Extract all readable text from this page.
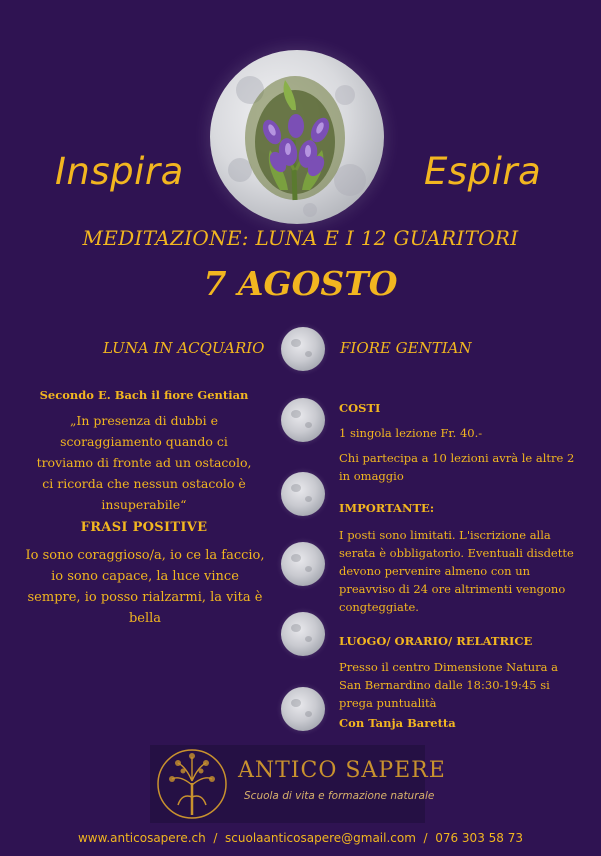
Inspira	Espira
MEDITAZIONE: LUNA E I 12 GUARITORI
7 AGOSTO
LUNA IN ACQUARIO	FIORE GENTIAN
Secondo E. Bach il fiore Gentian
„In presenza di dubbi e scoraggiamento quando ci troviamo di fronte ad un ostacolo, ci ricorda che nessun ostacolo è insuperabile“
FRASI POSITIVE
Io sono coraggioso/a, io ce la faccio, io sono capace, la luce vince sempre, io posso rialzarmi, la vita è bella
COSTI
1 singola lezione Fr. 40.-
Chi partecipa a 10 lezioni avrà le altre 2 in omaggio
IMPORTANTE:
I posti sono limitati. L'iscrizione alla serata è obbligatorio. Eventuali disdette devono pervenire almeno con un preavviso di 24 ore altrimenti vengono congteggiate.
LUOGO/ ORARIO/ RELATRICE
Presso il centro Dimensione Natura a San Bernardino dalle 18:30-19:45 si prega puntualità
Con Tanja Baretta
ANTICO SAPERE
Scuola di vita e formazione naturale
www.anticosapere.ch  /  scuolaanticosapere@gmail.com  /  076 303 58 73
